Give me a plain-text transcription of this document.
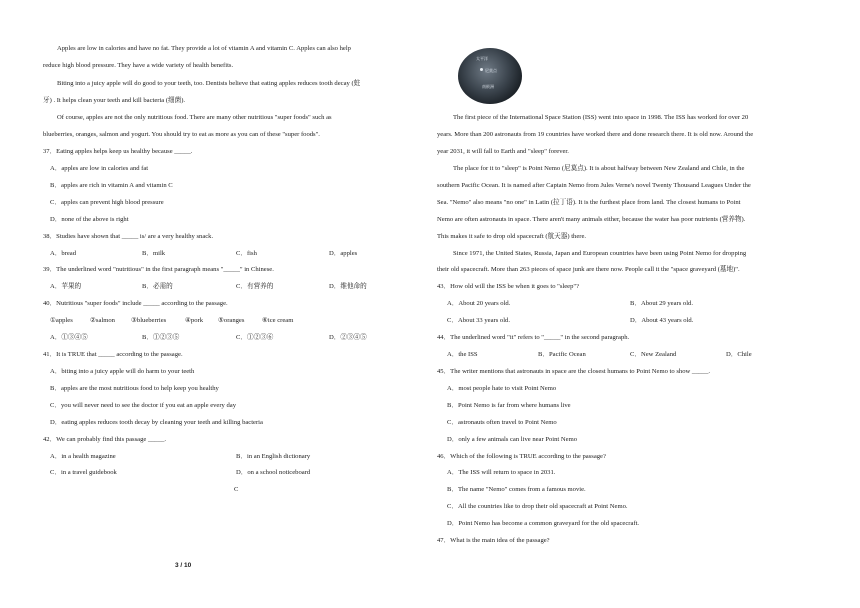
Apples are low in calories and have no fat. They provide a lot of vitamin A and vitamin C. Apples can also help
reduce high blood pressure. They have a wide variety of health benefits.
Biting into a juicy apple will do good to your teeth, too. Dentists believe that eating apples reduces tooth decay (蛀
牙) . It helps clean your teeth and kill bacteria (细菌).
Of course, apples are not the only nutritious food. There are many other nutritious "super foods" such as
blueberries, oranges, salmon and yogurt. You should try to eat as more as you can of these "super foods".
37．Eating apples helps keep us healthy because _____.
A．apples are low in calories and fat
B．apples are rich in vitamin A and vitamin C
C．apples can prevent high blood pressure
D．none of the above is right
38．Studies have shown that _____ is/ are a very healthy snack.
A．bread	B．milk	C．fish	D．apples
39．The underlined word "nutritious" in the first paragraph means "_____" in Chinese.
A．苹果的	B．必需的	C．有营养的	D．维他命的
40．Nutritious "super foods" include _____ according to the passage.
①apples	②salmon ③blueberries	④pork ⑤oranges	⑥ice cream
A．①③④⑤	B．①②③⑤	C．①②③⑥	D．②③④⑤
41．It is TRUE that _____ according to the passage.
A．biting into a juicy apple will do harm to your teeth
B．apples are the most nutritious food to help keep you healthy
C．you will never need to see the doctor if you eat an apple every day
D．eating apples reduces tooth decay by cleaning your teeth and killing bacteria
42．We can probably find this passage _____.
A．in a health magazine	B．in an English dictionary
C．in a travel guidebook	D．on a school noticeboard
C
3 / 10
太平洋
尼莫点
南极洲
The first piece of the International Space Station (ISS) went into space in 1998. The ISS has worked for over 20
years. More than 200 astronauts from 19 countries have worked there and done research there. It is old now. Around the
year 2031, it will fall to Earth and "sleep" forever.
The place for it to "sleep" is Point Nemo (尼莫点). It is about halfway between New Zealand and Chile, in the
southern Pacific Ocean. It is named after Captain Nemo from Jules Verne's novel Twenty Thousand Leagues Under the
Sea. "Nemo" also means "no one" in Latin (拉丁语). It is the furthest place from land. The closest humans to Point
Nemo are often astronauts in space. There aren't many animals either, because the water has poor nutrients (营养物).
This makes it safe to drop old spacecraft (航天器) there.
Since 1971, the United States, Russia, Japan and European countries have been using Point Nemo for dropping
their old spacecraft. More than 263 pieces of space junk are there now. People call it the "space graveyard (墓地)".
43．How old will the ISS be when it goes to "sleep"?
A．About 20 years old.	B．About 29 years old.
C．About 33 years old.	D．About 43 years old.
44．The underlined word "it" refers to "_____" in the second paragraph.
A．the ISS	B．Pacific Ocean	C．New Zealand	D．Chile
45．The writer mentions that astronauts in space are the closest humans to Point Nemo to show _____.
A．most people hate to visit Point Nemo
B．Point Nemo is far from where humans live
C．astronauts often travel to Point Nemo
D．only a few animals can live near Point Nemo
46．Which of the following is TRUE according to the passage?
A．The ISS will return to space in 2031.
B．The name "Nemo" comes from a famous movie.
C．All the countries like to drop their old spacecraft at Point Nemo.
D．Point Nemo has become a common graveyard for the old spacecraft.
47．What is the main idea of the passage?
